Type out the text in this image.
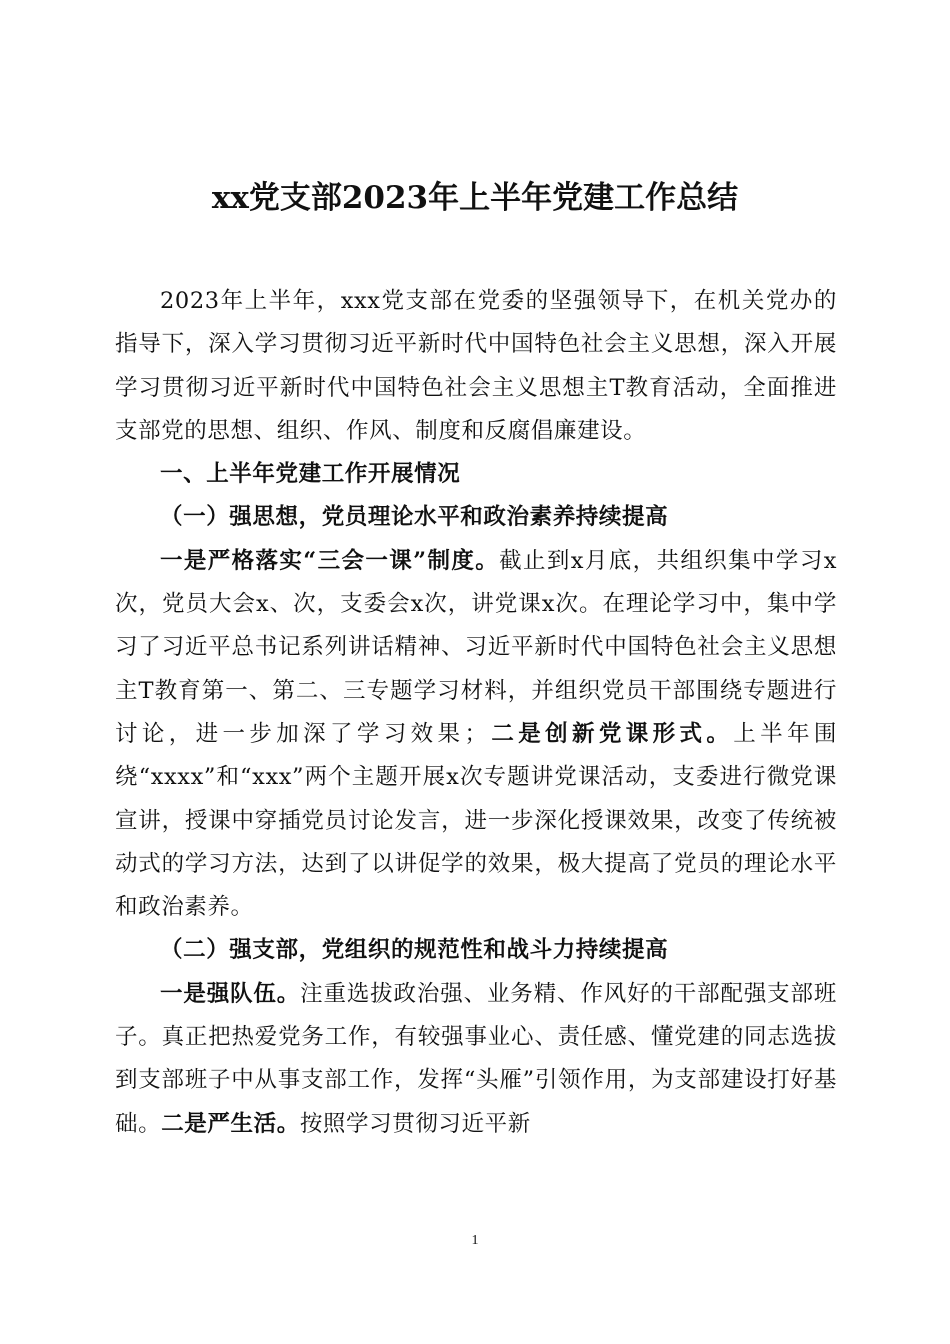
xx党支部2023年上半年党建工作总结

2023年上半年，xxx党支部在党委的坚强领导下，在机关党办的指导下，深入学习贯彻习近平新时代中国特色社会主义思想，深入开展学习贯彻习近平新时代中国特色社会主义思想主T教育活动，全面推进支部党的思想、组织、作风、制度和反腐倡廉建设。

一、上半年党建工作开展情况

（一）强思想，党员理论水平和政治素养持续提高

一是严格落实“三会一课”制度。截止到x月底，共组织集中学习x次，党员大会x、次，支委会x次，讲党课x次。在理论学习中，集中学习了习近平总书记系列讲话精神、习近平新时代中国特色社会主义思想主T教育第一、第二、三专题学习材料，并组织党员干部围绕专题进行讨论，进一步加深了学习效果；二是创新党课形式。上半年围绕“xxxx”和“xxx”两个主题开展x次专题讲党课活动，支委进行微党课宣讲，授课中穿插党员讨论发言，进一步深化授课效果，改变了传统被动式的学习方法，达到了以讲促学的效果，极大提高了党员的理论水平和政治素养。

（二）强支部，党组织的规范性和战斗力持续提高

一是强队伍。注重选拔政治强、业务精、作风好的干部配强支部班子。真正把热爱党务工作，有较强事业心、责任感、懂党建的同志选拔到支部班子中从事支部工作，发挥“头雁”引领作用，为支部建设打好基础。二是严生活。按照学习贯彻习近平新

1
